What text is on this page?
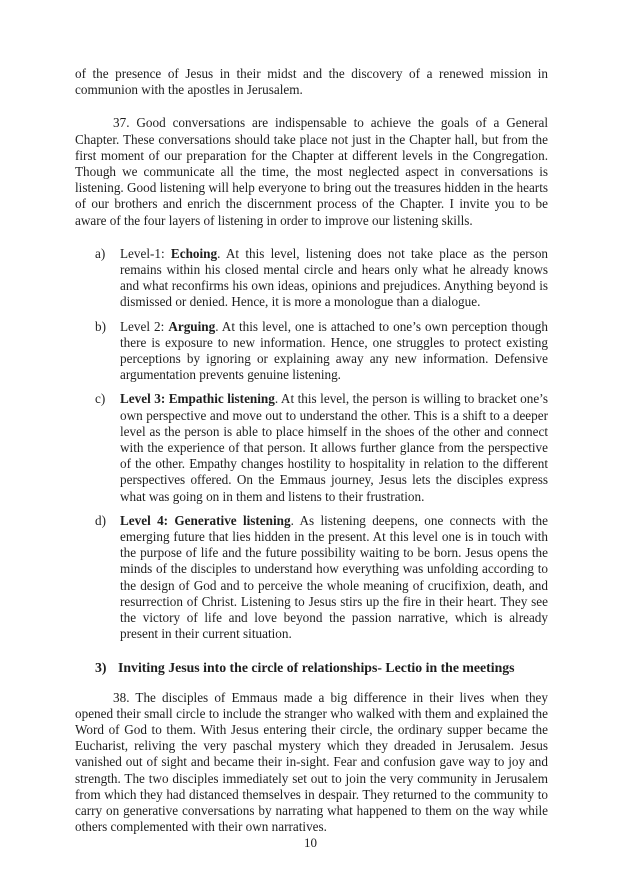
of the presence of Jesus in their midst and the discovery of a renewed mission in communion with the apostles in Jerusalem.

37. Good conversations are indispensable to achieve the goals of a General Chapter. These conversations should take place not just in the Chapter hall, but from the first moment of our preparation for the Chapter at different levels in the Congregation. Though we communicate all the time, the most neglected aspect in conversations is listening. Good listening will help everyone to bring out the treasures hidden in the hearts of our brothers and enrich the discernment process of the Chapter. I invite you to be aware of the four layers of listening in order to improve our listening skills.

a)	Level-1: Echoing. At this level, listening does not take place as the person remains within his closed mental circle and hears only what he already knows and what reconfirms his own ideas, opinions and prejudices. Anything beyond is dismissed or denied. Hence, it is more a monologue than a dialogue.
b)	Level 2: Arguing. At this level, one is attached to one’s own perception though there is exposure to new information. Hence, one struggles to protect existing perceptions by ignoring or explaining away any new information. Defensive argumentation prevents genuine listening.
c)	Level 3: Empathic listening. At this level, the person is willing to bracket one’s own perspective and move out to understand the other. This is a shift to a deeper level as the person is able to place himself in the shoes of the other and connect with the experience of that person. It allows further glance from the perspective of the other. Empathy changes hostility to hospitality in relation to the different perspectives offered. On the Emmaus journey, Jesus lets the disciples express what was going on in them and listens to their frustration.
d)	Level 4: Generative listening. As listening deepens, one connects with the emerging future that lies hidden in the present. At this level one is in touch with the purpose of life and the future possibility waiting to be born. Jesus opens the minds of the disciples to understand how everything was unfolding according to the design of God and to perceive the whole meaning of crucifixion, death, and resurrection of Christ. Listening to Jesus stirs up the fire in their heart. They see the victory of life and love beyond the passion narrative, which is already present in their current situation.
3) Inviting Jesus into the circle of relationships- Lectio in the meetings

38. The disciples of Emmaus made a big difference in their lives when they opened their small circle to include the stranger who walked with them and explained the Word of God to them. With Jesus entering their circle, the ordinary supper became the Eucharist, reliving the very paschal mystery which they dreaded in Jerusalem. Jesus vanished out of sight and became their in-sight. Fear and confusion gave way to joy and strength. The two disciples immediately set out to join the very community in Jerusalem from which they had distanced themselves in despair. They returned to the community to carry on generative conversations by narrating what happened to them on the way while others complemented with their own narratives.

10
